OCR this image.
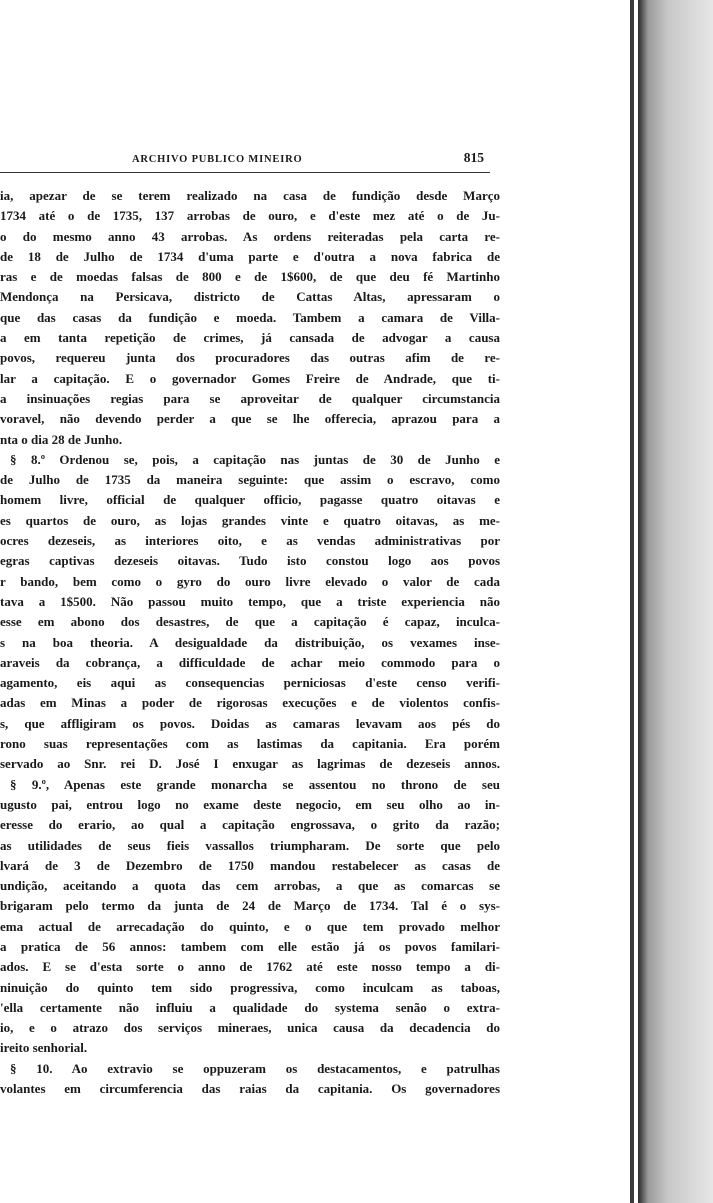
ARCHIVO PUBLICO MINEIRO	815
ia, apezar de se terem realizado na casa de fundição desde Março
1734 até o de 1735, 137 arrobas de ouro, e d'este mez até o de Ju-
o do mesmo anno 43 arrobas. As ordens reiteradas pela carta re-
de 18 de Julho de 1734 d'uma parte e d'outra a nova fabrica de
ras e de moedas falsas de 800 e de 1$600, de que deu fé Martinho
Mendonça na Persicava, districto de Cattas Altas, apressaram o
que das casas da fundição e moeda. Tambem a camara de Villa-
a em tanta repetição de crimes, já cansada de advogar a causa
povos, requereu junta dos procuradores das outras afim de re-
lar a capitação. E o governador Gomes Freire de Andrade, que ti-
a insinuações regias para se aproveitar de qualquer circumstancia
voravel, não devendo perder a que se lhe offerecia, aprazou para a
nta o dia 28 de Junho.
§ 8.º Ordenou se, pois, a capitação nas juntas de 30 de Junho e
de Julho de 1735 da maneira seguinte: que assim o escravo, como
homem livre, official de qualquer officio, pagasse quatro oitavas e
es quartos de ouro, as lojas grandes vinte e quatro oitavas, as me-
ocres dezeseis, as interiores oito, e as vendas administrativas por
egras captivas dezeseis oitavas. Tudo isto constou logo aos povos
r bando, bem como o gyro do ouro livre elevado o valor de cada
tava a 1$500. Não passou muito tempo, que a triste experiencia não
esse em abono dos desastres, de que a capitação é capaz, inculca-
s na boa theoria. A desigualdade da distribuição, os vexames inse-
araveis da cobrança, a difficuldade de achar meio commodo para o
agamento, eis aqui as consequencias perniciosas d'este censo verifi-
adas em Minas a poder de rigorosas execuções e de violentos confis-
s, que affligiram os povos. Doidas as camaras levavam aos pés do
rono suas representações com as lastimas da capitania. Era porém
servado ao Snr. rei D. José I enxugar as lagrimas de dezeseis annos.
§ 9.º, Apenas este grande monarcha se assentou no throno de seu
ugusto pai, entrou logo no exame deste negocio, em seu olho ao in-
eresse do erario, ao qual a capitação engrossava, o grito da razão;
as utilidades de seus fieis vassallos triumpharam. De sorte que pelo
lvará de 3 de Dezembro de 1750 mandou restabelecer as casas de
undição, aceitando a quota das cem arrobas, a que as comarcas se
brigaram pelo termo da junta de 24 de Março de 1734. Tal é o sys-
ema actual de arrecadação do quinto, e o que tem provado melhor
a pratica de 56 annos: tambem com elle estão já os povos familari-
ados. E se d'esta sorte o anno de 1762 até este nosso tempo a di-
ninuição do quinto tem sido progressiva, como inculcam as taboas,
'ella certamente não influiu a qualidade do systema senão o extra-
io, e o atrazo dos serviços mineraes, unica causa da decadencia do
ireito senhorial.
§ 10. Ao extravio se oppuzeram os destacamentos, e patrulhas
volantes em circumferencia das raias da capitania. Os governadores
